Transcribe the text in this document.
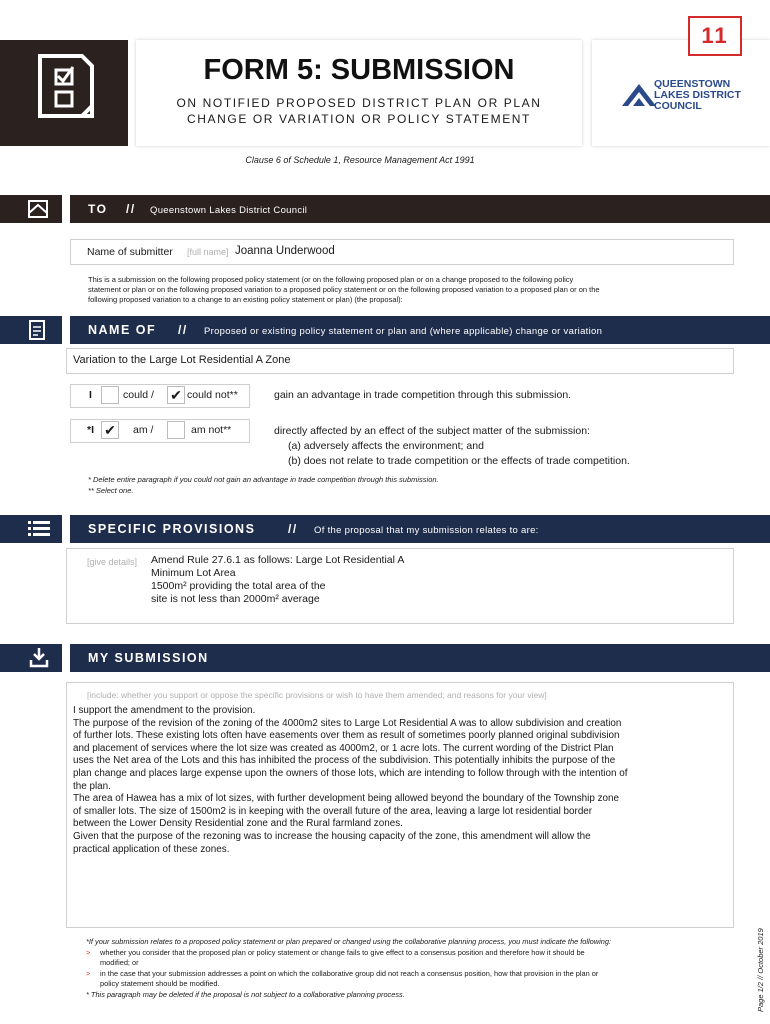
FORM 5: SUBMISSION
ON NOTIFIED PROPOSED DISTRICT PLAN OR PLAN
CHANGE OR VARIATION OR POLICY STATEMENT
QUEENSTOWN
LAKES DISTRICT
COUNCIL
11
Clause 6 of Schedule 1, Resource Management Act 1991
TO // Queenstown Lakes District Council
Name of submitter [full name] Joanna Underwood
This is a submission on the following proposed policy statement (or on the following proposed plan or on a change proposed to the following policy
statement or plan or on the following proposed variation to a proposed policy statement or on the following proposed variation to a proposed plan or on the
following proposed variation to a change to an existing policy statement or plan) (the proposal):
NAME OF // Proposed or existing policy statement or plan and (where applicable) change or variation
Variation to the Large Lot Residential A Zone
I	could / ✔ could not**	gain an advantage in trade competition through this submission.
*I ✔ am /	am not**	directly affected by an effect of the subject matter of the submission:
(a) adversely affects the environment; and
(b) does not relate to trade competition or the effects of trade competition.
* Delete entire paragraph if you could not gain an advantage in trade competition through this submission.
** Select one.
SPECIFIC PROVISIONS	// Of the proposal that my submission relates to are:
[give details] Amend Rule 27.6.1 as follows: Large Lot Residential A
Minimum Lot Area
1500m² providing the total area of the
site is not less than 2000m² average
MY SUBMISSION
[include: whether you support or oppose the specific provisions or wish to have them amended; and reasons for your view]
I support the amendment to the provision.
The purpose of the revision of the zoning of the 4000m2 sites to Large Lot Residential A was to allow subdivision and creation
of further lots. These existing lots often have easements over them as result of sometimes poorly planned original subdivision
and placement of services where the lot size was created as 4000m2, or 1 acre lots. The current wording of the District Plan
uses the Net area of the Lots and this has inhibited the process of the subdivision. This potentially inhibits the purpose of the
plan change and places large expense upon the owners of those lots, which are intending to follow through with the intention of
the plan.
The area of Hawea has a mix of lot sizes, with further development being allowed beyond the boundary of the Township zone
of smaller lots. The size of 1500m2 is in keeping with the overall future of the area, leaving a large lot residential border
between the Lower Density Residential zone and the Rural farmland zones.
Given that the purpose of the rezoning was to increase the housing capacity of the zone, this amendment will allow the
practical application of these zones.
*If your submission relates to a proposed policy statement or plan prepared or changed using the collaborative planning process, you must indicate the following:
> whether you consider that the proposed plan or policy statement or change fails to give effect to a consensus position and therefore how it should be
modified; or
> in the case that your submission addresses a point on which the collaborative group did not reach a consensus position, how that provision in the plan or
policy statement should be modified.
* This paragraph may be deleted if the proposal is not subject to a collaborative planning process.	Page 1/2 // October 2019
